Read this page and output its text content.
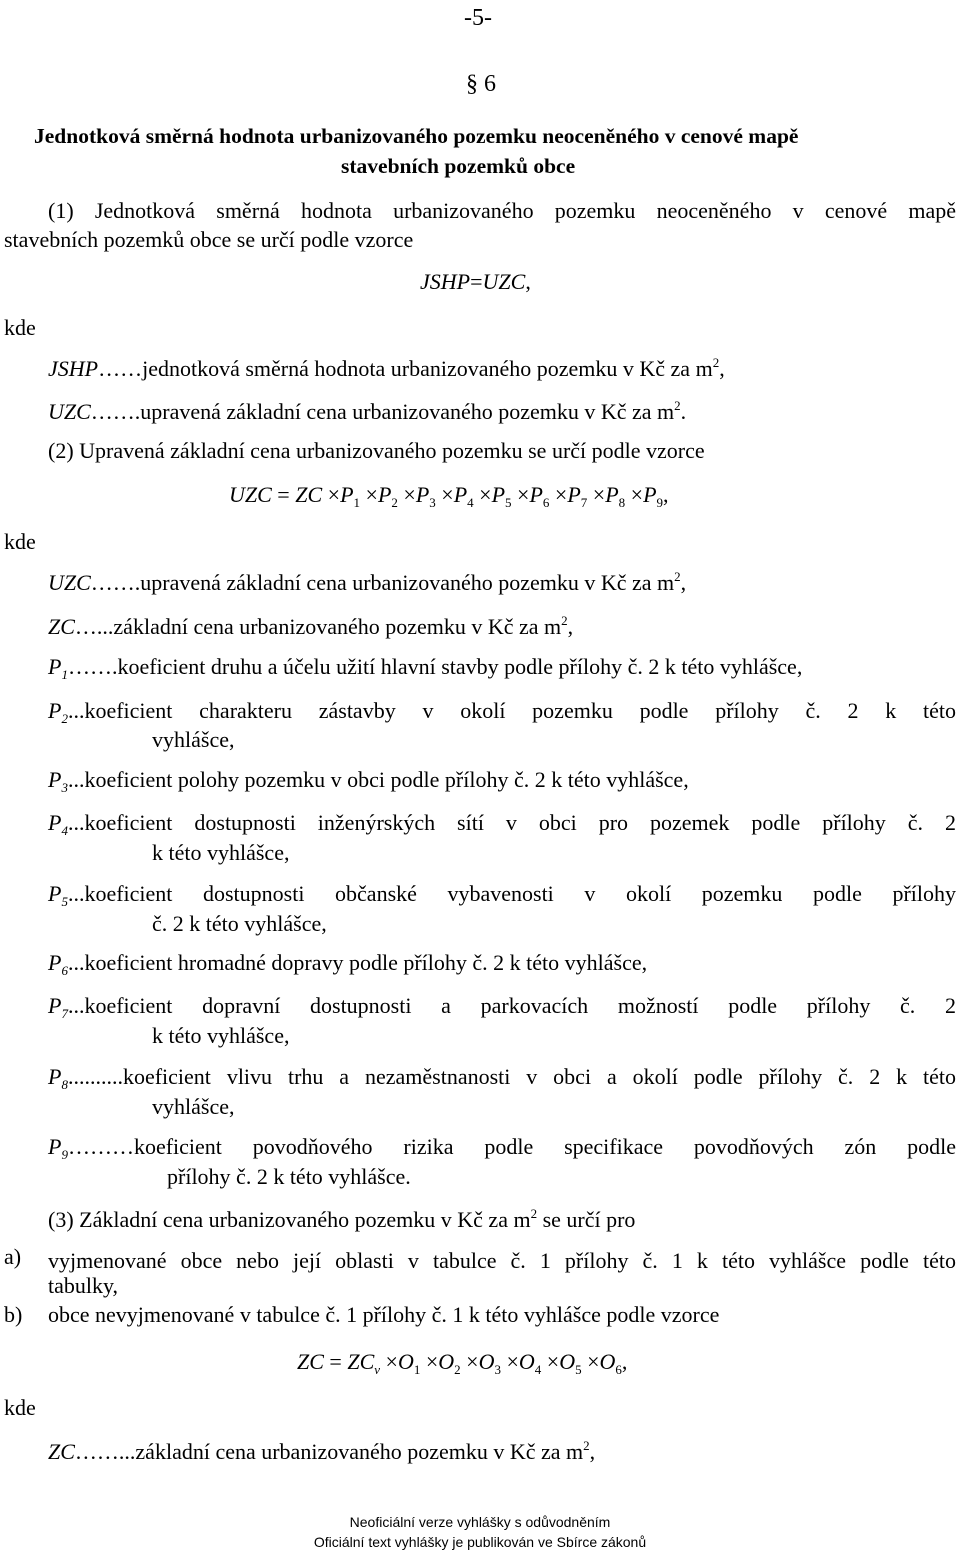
-5-
§ 6
Jednotková směrná hodnota urbanizovaného pozemku neoceněného v cenové mapě
stavebních pozemků obce
(1) Jednotková směrná hodnota urbanizovaného pozemku neoceněného v cenové mapě
stavebních pozemků obce se určí podle vzorce
JSHP=UZC,
kde
JSHP……jednotková směrná hodnota urbanizovaného pozemku v Kč za $m^2$,
UZC…….upravená základní cena urbanizovaného pozemku v Kč za $m^2$.
(2) Upravená základní cena urbanizovaného pozemku se určí podle vzorce
UZC = ZC $\times P_1 \times P_2 \times P_3 \times P_4 \times P_5 \times P_6 \times P_7 \times P_8 \times P_9$,
kde
UZC…….upravená základní cena urbanizovaného pozemku v Kč za $m^2$,
ZC…...základní cena urbanizovaného pozemku v Kč za $m^2$,
$P_1\dots\dots.koeficient$ druhu a účelu užití hlavní stavby podle přílohy č. 2 k této vyhlášce,
$P_2...koeficient$ charakteru zástavby v okolí pozemku podle přílohy č. 2 k této
vyhlášce,
$P_3...koeficient$ polohy pozemku v obci podle přílohy č. 2 k této vyhlášce,
$P_4...koeficient$ dostupnosti inženýrských sítí v obci pro pozemek podle přílohy č. 2
k této vyhlášce,
$P_5...koeficient$ dostupnosti občanské vybavenosti v okolí pozemku podle přílohy
č. 2 k této vyhlášce,
$P_6...koeficient$ hromadné dopravy podle přílohy č. 2 k této vyhlášce,
$P_7...koeficient$ dopravní dostupnosti a parkovacích možností podle přílohy č. 2
k této vyhlášce,
$P_8..........koeficient$ vlivu trhu a nezaměstnanosti v obci a okolí podle přílohy č. 2 k této
vyhlášce,
$P_9\dots\dots\dots koeficient$ povodňového rizika podle specifikace povodňových zón podle
přílohy č. 2 k této vyhlášce.
(3) Základní cena urbanizovaného pozemku v Kč za $m^2$ se určí pro
a) vyjmenované obce nebo její oblasti v tabulce č. 1 přílohy č. 1 k této vyhlášce podle této
tabulky,
b) obce nevyjmenované v tabulce č. 1 přílohy č. 1 k této vyhlášce podle vzorce
ZC = $ZC_v \times O_1 \times O_2 \times O_3 \times O_4 \times O_5 \times O_6$,
kde
ZC……...základní cena urbanizovaného pozemku v Kč za $m^2$,
Neoficiální verze vyhlášky s odůvodněním
Oficiální text vyhlášky je publikován ve Sbírce zákonů
